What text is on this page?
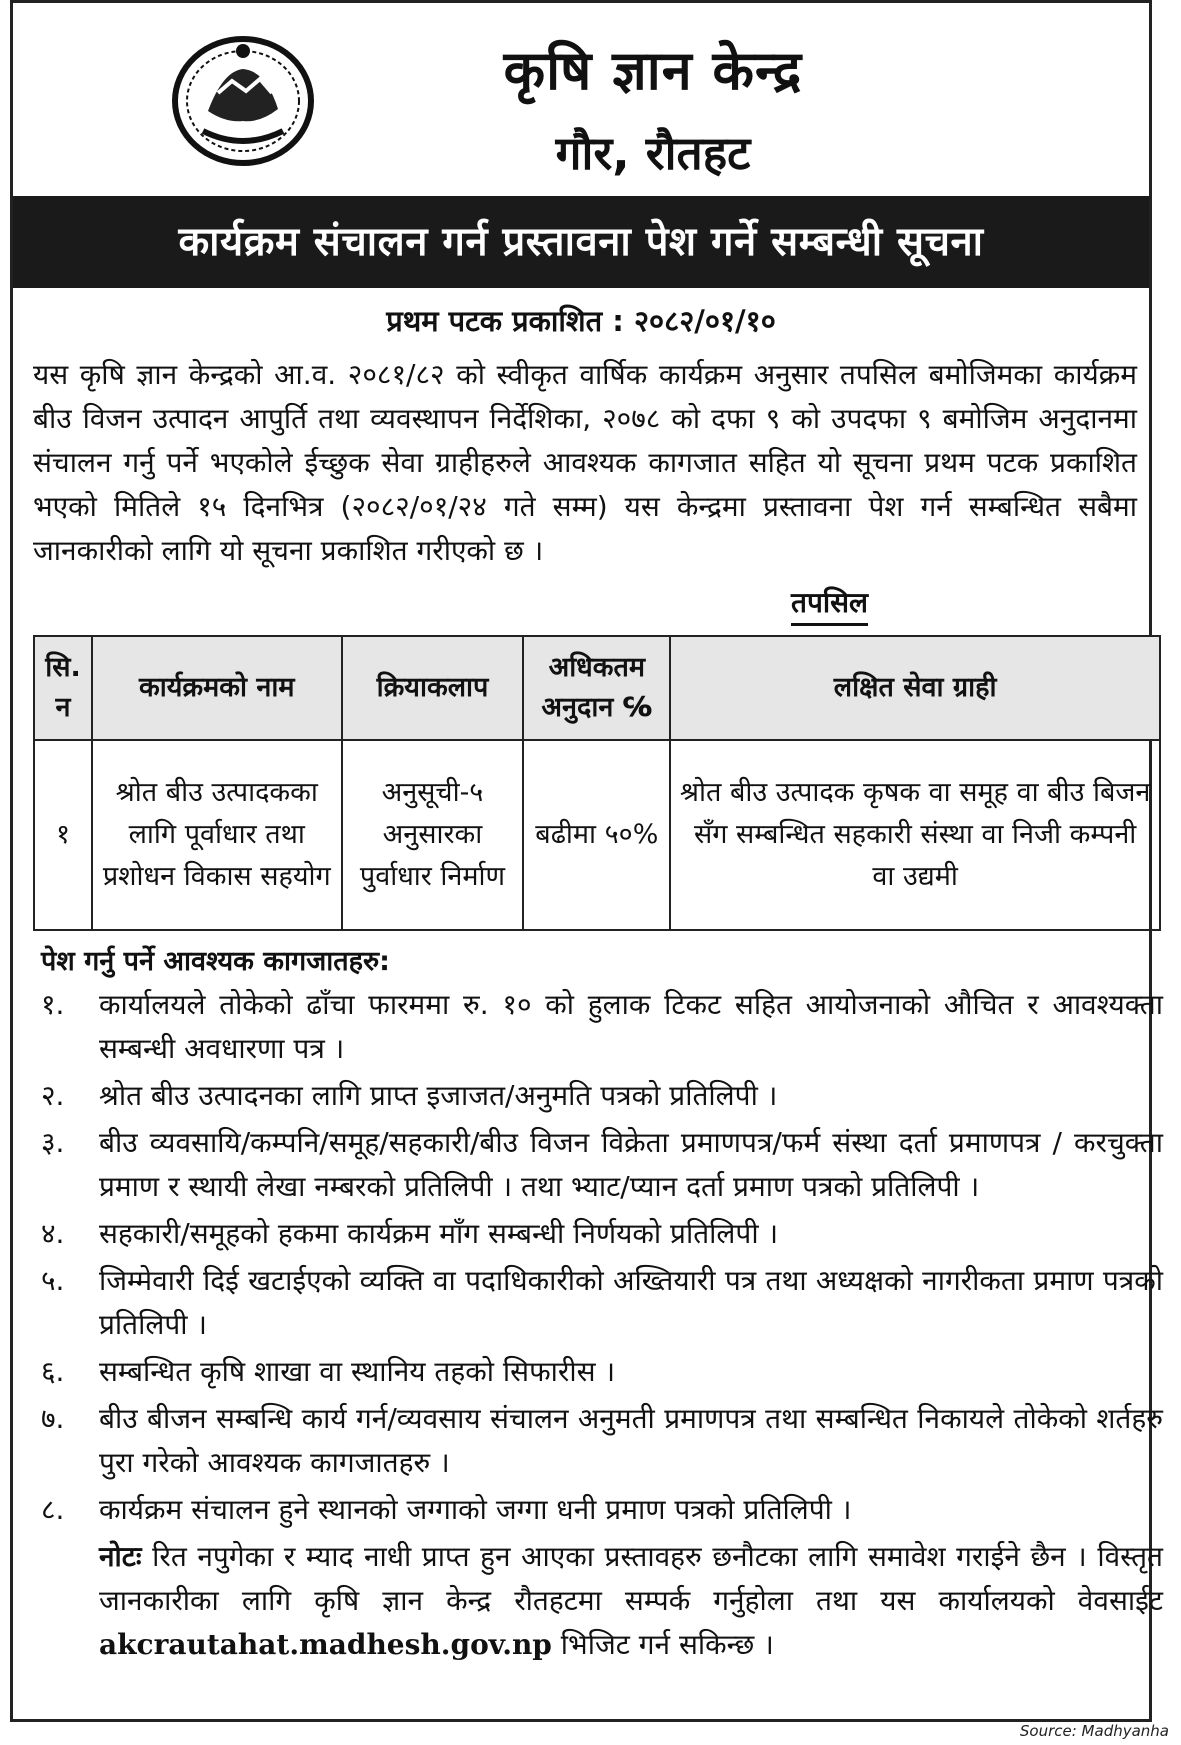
कृषि ज्ञान केन्द्र
गौर, रौतहट
कार्यक्रम संचालन गर्न प्रस्तावना पेश गर्ने सम्बन्धी सूचना
प्रथम पटक प्रकाशित : २०८२/०१/१०
यस कृषि ज्ञान केन्द्रको आ.व. २०८१/८२ को स्वीकृत वार्षिक कार्यक्रम अनुसार तपसिल बमोजिमका कार्यक्रम बीउ विजन उत्पादन आपुर्ति तथा व्यवस्थापन निर्देशिका, २०७८ को दफा ९ को उपदफा ९ बमोजिम अनुदानमा संचालन गर्नु पर्ने भएकोले ईच्छुक सेवा ग्राहीहरुले आवश्यक कागजात सहित यो सूचना प्रथम पटक प्रकाशित भएको मितिले १५ दिनभित्र (२०८२/०१/२४ गते सम्म) यस केन्द्रमा प्रस्तावना पेश गर्न सम्बन्धित सबैमा जानकारीको लागि यो सूचना प्रकाशित गरीएको छ ।
तपसिल
सि. न	कार्यक्रमको नाम	क्रियाकलाप	अधिकतम अनुदान ℅	लक्षित सेवा ग्राही
१	श्रोत बीउ उत्पादकका लागि पूर्वाधार तथा प्रशोधन विकास सहयोग	अनुसूची-५ अनुसारका पुर्वाधार निर्माण	बढीमा ५०%	श्रोत बीउ उत्पादक कृषक वा समूह वा बीउ बिजन सँग सम्बन्धित सहकारी संस्था वा निजी कम्पनी वा उद्यमी
पेश गर्नु पर्ने आवश्यक कागजातहरु:
१.	कार्यालयले तोकेको ढाँचा फारममा रु. १० को हुलाक टिकट सहित आयोजनाको औचित र आवश्यक्ता सम्बन्धी अवधारणा पत्र ।
२.	श्रोत बीउ उत्पादनका लागि प्राप्त इजाजत/अनुमति पत्रको प्रतिलिपी ।
३.	बीउ व्यवसायि/कम्पनि/समूह/सहकारी/बीउ विजन विक्रेता प्रमाणपत्र/फर्म संस्था दर्ता प्रमाणपत्र / करचुक्ता प्रमाण र स्थायी लेखा नम्बरको प्रतिलिपी । तथा भ्याट/प्यान दर्ता प्रमाण पत्रको प्रतिलिपी ।
४.	सहकारी/समूहको हकमा कार्यक्रम माँग सम्बन्धी निर्णयको प्रतिलिपी ।
५.	जिम्मेवारी दिई खटाईएको व्यक्ति वा पदाधिकारीको अख्तियारी पत्र तथा अध्यक्षको नागरीकता प्रमाण पत्रको प्रतिलिपी ।
६.	सम्बन्धित कृषि शाखा वा स्थानिय तहको सिफारीस ।
७.	बीउ बीजन सम्बन्धि कार्य गर्न/व्यवसाय संचालन अनुमती प्रमाणपत्र तथा सम्बन्धित निकायले तोकेको शर्तहरु पुरा गरेको आवश्यक कागजातहरु ।
८.	कार्यक्रम संचालन हुने स्थानको जग्गाको जग्गा धनी प्रमाण पत्रको प्रतिलिपी ।
नोटः रित नपुगेका र म्याद नाधी प्राप्त हुन आएका प्रस्तावहरु छनौटका लागि समावेश गराईने छैन । विस्तृत जानकारीका लागि कृषि ज्ञान केन्द्र रौतहटमा सम्पर्क गर्नुहोला तथा यस कार्यालयको वेवसाईट akcrautahat.madhesh.gov.np भिजिट गर्न सकिन्छ ।
Source: Madhyanha
